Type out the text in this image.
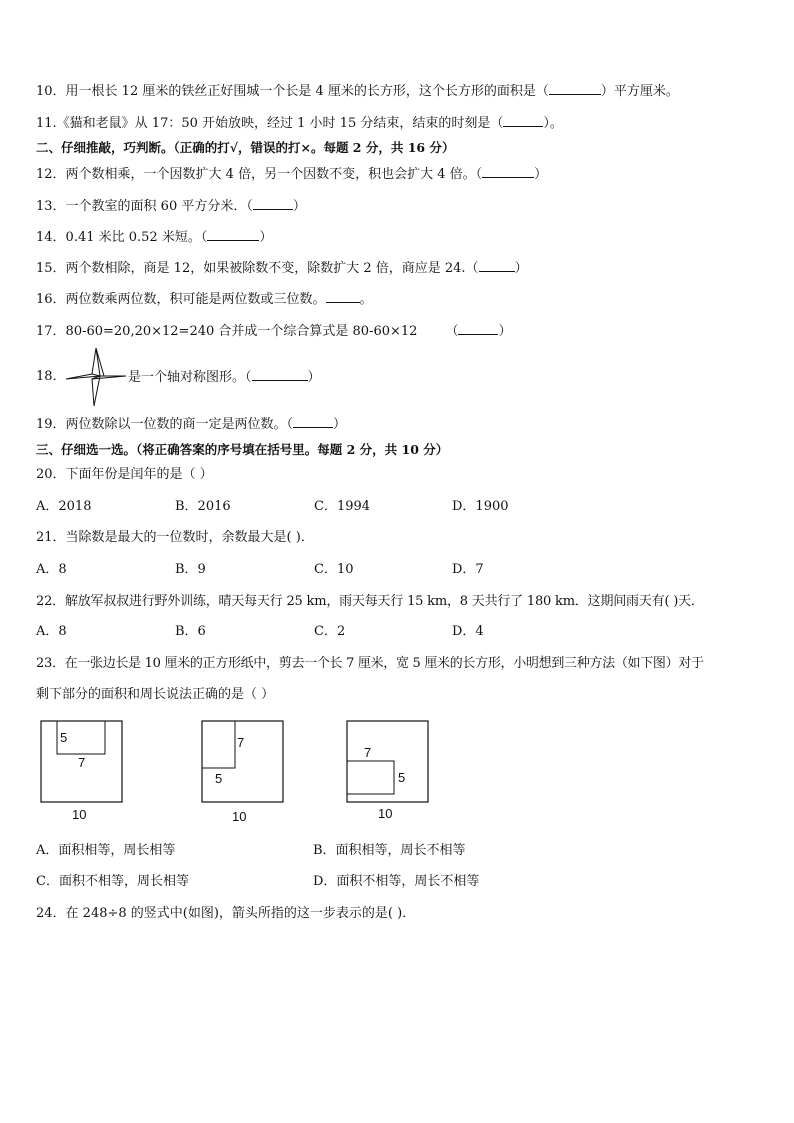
10．用一根长 12 厘米的铁丝正好围城一个长是 4 厘米的长方形，这个长方形的面积是（	）平方厘米。
11.《猫和老鼠》从 17：50 开始放映，经过 1 小时 15 分结束，结束的时刻是（	）。
二、仔细推敲，巧判断。（正确的打√，错误的打×。每题 2 分，共 16 分）
12．两个数相乘，一个因数扩大 4 倍，另一个因数不变，积也会扩大 4 倍。（	）
13．一个教室的面积 60 平方分米．（	）
14．0.41 米比 0.52 米短。（	）
15．两个数相除，商是 12，如果被除数不变，除数扩大 2 倍，商应是 24.（	）
16．两位数乘两位数，积可能是两位数或三位数。	。
17．80-60=20,20×12=240 合并成一个综合算式是 80-60×12 （	）
18．	是一个轴对称图形。（	）
19．两位数除以一位数的商一定是两位数。（	）
三、仔细选一选。（将正确答案的序号填在括号里。每题 2 分，共 10 分）
20．下面年份是闰年的是（ ）
A．2018	B．2016	C．1994	D．1900
21．当除数是最大的一位数时，余数最大是( )．
A．8	B．9	C．10	D．7
22．解放军叔叔进行野外训练，晴天每天行 25 km，雨天每天行 15 km，8 天共行了 180 km．这期间雨天有( )天．
A．8	B．6	C．2	D．4
23．在一张边长是 10 厘米的正方形纸中，剪去一个长 7 厘米，宽 5 厘米的长方形，小明想到三种方法（如下图）对于
剩下部分的面积和周长说法正确的是（ ）
5
7
10
7
5
10
7
5
10
A．面积相等，周长相等	B．面积相等，周长不相等
C．面积不相等，周长相等	D．面积不相等，周长不相等
24．在 248÷8 的竖式中(如图)，箭头所指的这一步表示的是( )．
